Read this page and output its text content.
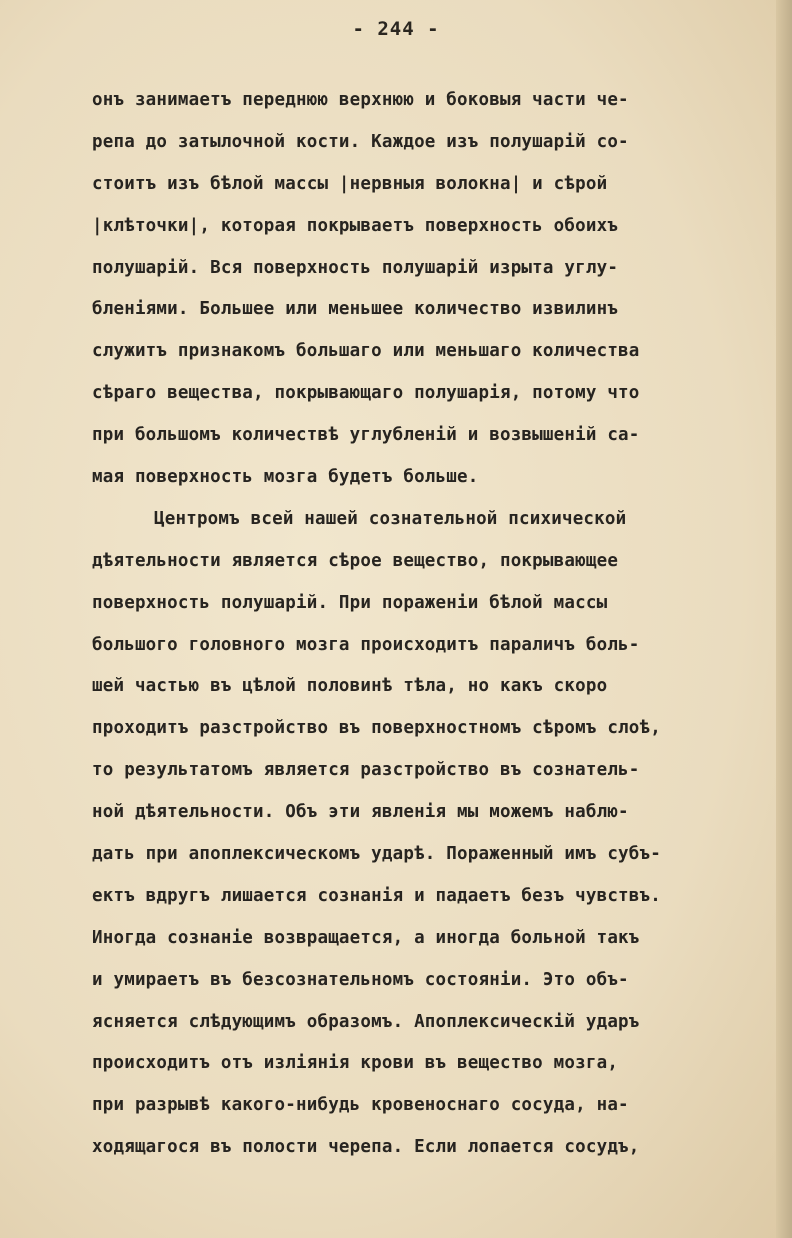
- 244 -
онъ занимаетъ переднюю верхнюю и боковыя части че-
репа до затылочной кости. Каждое изъ полушарій со-
стоитъ изъ бѣлой массы |нервныя волокна| и сѣрой
|клѣточки|, которая покрываетъ поверхность обоихъ
полушарій. Вся поверхность полушарій изрыта углу-
бленіями. Большее или меньшее количество извилинъ
служитъ признакомъ большаго или меньшаго количества
сѣраго вещества, покрывающаго полушарія, потому что
при большомъ количествѣ углубленій и возвышеній са-
мая поверхность мозга будетъ больше.
Центромъ всей нашей сознательной психической
дѣятельности является сѣрое вещество, покрывающее
поверхность полушарій. При пораженіи бѣлой массы
большого головного мозга происходитъ параличъ боль-
шей частью въ цѣлой половинѣ тѣла, но какъ скоро
проходитъ разстройство въ поверхностномъ сѣромъ слоѣ,
то результатомъ является разстройство въ сознатель-
ной дѣятельности. Объ эти явленія мы можемъ наблю-
дать при апоплексическомъ ударѣ. Пораженный имъ субъ-
ектъ вдругъ лишается сознанія и падаетъ безъ чувствъ.
Иногда сознаніе возвращается, а иногда больной такъ
и умираетъ въ безсознательномъ состояніи. Это объ-
ясняется слѣдующимъ образомъ. Апоплексическій ударъ
происходитъ отъ изліянія крови въ вещество мозга,
при разрывѣ какого-нибудь кровеноснаго сосуда, на-
ходящагося въ полости черепа. Если лопается сосудъ,
